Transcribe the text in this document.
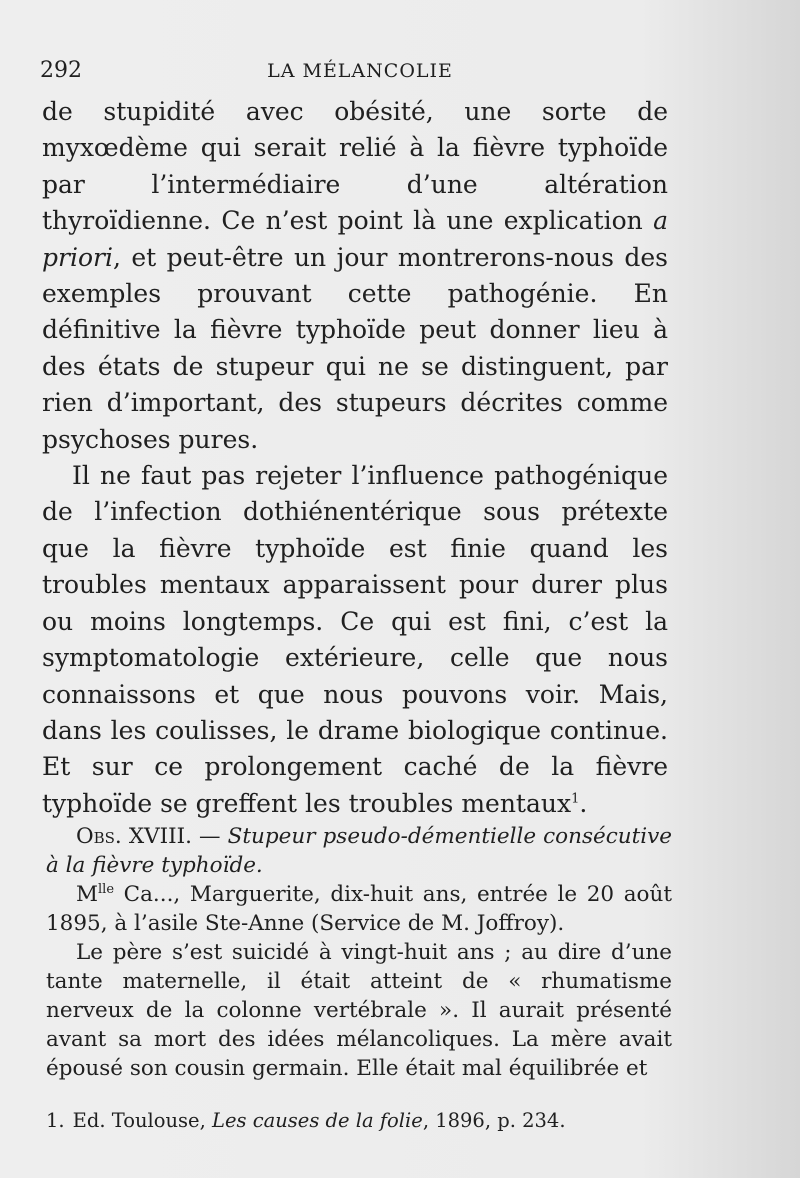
292	LA MÉLANCOLIE

de stupidité avec obésité, une sorte de myxœdème qui serait relié à la fièvre typhoïde par l’intermédiaire d’une altération thyroïdienne. Ce n’est point là une explication a priori, et peut-être un jour montrerons-nous des exemples prouvant cette pathogénie. En définitive la fièvre typhoïde peut donner lieu à des états de stupeur qui ne se distinguent, par rien d’important, des stupeurs décrites comme psychoses pures.

Il ne faut pas rejeter l’influence pathogénique de l’infection dothiénentérique sous prétexte que la fièvre typhoïde est finie quand les troubles mentaux apparaissent pour durer plus ou moins longtemps. Ce qui est fini, c’est la symptomatologie extérieure, celle que nous connaissons et que nous pouvons voir. Mais, dans les coulisses, le drame biologique continue. Et sur ce prolongement caché de la fièvre typhoïde se greffent les troubles mentaux$^1$.

Obs. XVIII. — Stupeur pseudo-démentielle consécutive à la fièvre typhoïde.

$M^{lle}$ Ca..., Marguerite, dix-huit ans, entrée le 20 août 1895, à l’asile Ste-Anne (Service de M. Joffroy).

Le père s’est suicidé à vingt-huit ans ; au dire d’une tante maternelle, il était atteint de « rhumatisme nerveux de la colonne vertébrale ». Il aurait présenté avant sa mort des idées mélancoliques. La mère avait épousé son cousin germain. Elle était mal équilibrée et

1. Ed. Toulouse, Les causes de la folie, 1896, p. 234.
